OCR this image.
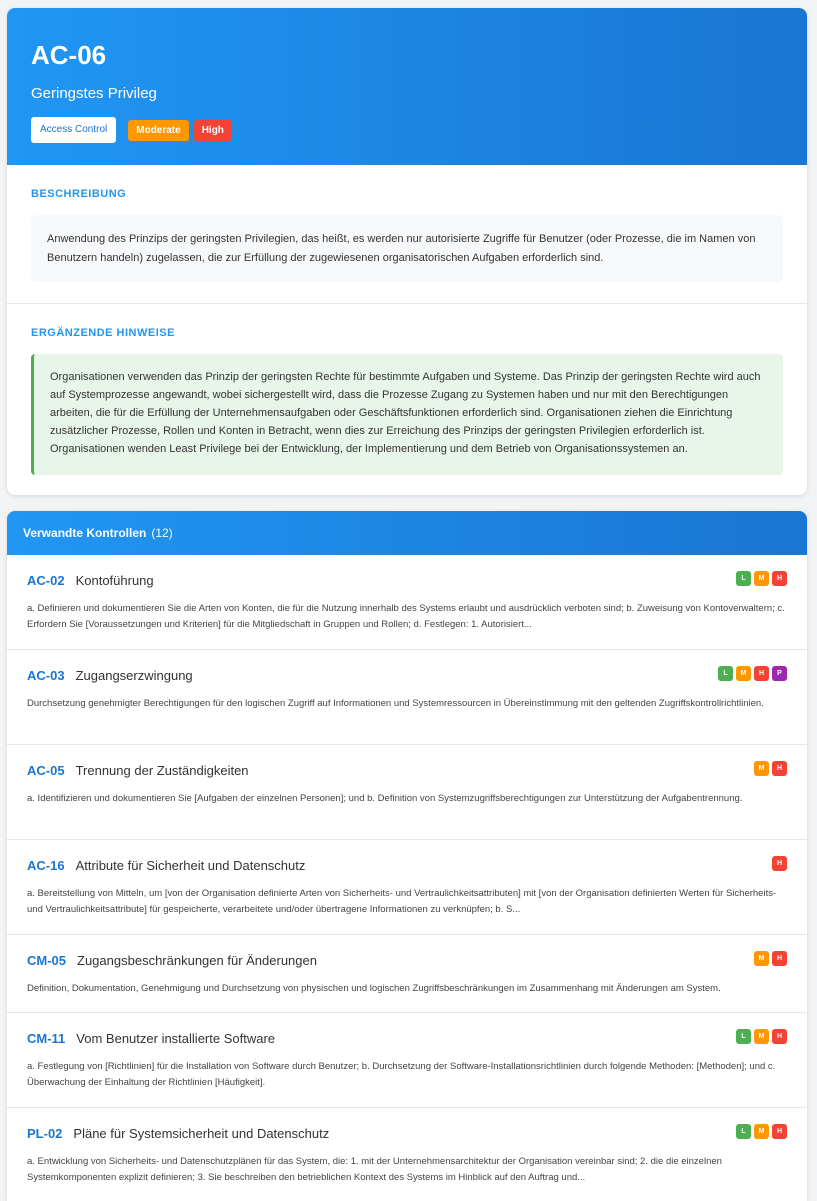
AC-06
Geringstes Privileg
Access Control	Moderate	High
BESCHREIBUNG
Anwendung des Prinzips der geringsten Privilegien, das heißt, es werden nur autorisierte Zugriffe für Benutzer (oder Prozesse, die im Namen von Benutzern handeln) zugelassen, die zur Erfüllung der zugewiesenen organisatorischen Aufgaben erforderlich sind.
ERGÄNZENDE HINWEISE
Organisationen verwenden das Prinzip der geringsten Rechte für bestimmte Aufgaben und Systeme. Das Prinzip der geringsten Rechte wird auch auf Systemprozesse angewandt, wobei sichergestellt wird, dass die Prozesse Zugang zu Systemen haben und nur mit den Berechtigungen arbeiten, die für die Erfüllung der Unternehmensaufgaben oder Geschäftsfunktionen erforderlich sind. Organisationen ziehen die Einrichtung zusätzlicher Prozesse, Rollen und Konten in Betracht, wenn dies zur Erreichung des Prinzips der geringsten Privilegien erforderlich ist. Organisationen wenden Least Privilege bei der Entwicklung, der Implementierung und dem Betrieb von Organisationssystemen an.
Verwandte Kontrollen (12)
AC-02 Kontoführung	L	M	H
a. Definieren und dokumentieren Sie die Arten von Konten, die für die Nutzung innerhalb des Systems erlaubt und ausdrücklich verboten sind; b. Zuweisung von Kontoverwaltern; c. Erfordern Sie [Voraussetzungen und Kriterien] für die Mitgliedschaft in Gruppen und Rollen; d. Festlegen: 1. Autorisiert...
AC-03 Zugangserzwingung	L	M	H	P
Durchsetzung genehmigter Berechtigungen für den logischen Zugriff auf Informationen und Systemressourcen in Übereinstimmung mit den geltenden Zugriffskontrollrichtlinien.
AC-05 Trennung der Zuständigkeiten	M	H
a. Identifizieren und dokumentieren Sie [Aufgaben der einzelnen Personen]; und b. Definition von Systemzugriffsberechtigungen zur Unterstützung der Aufgabentrennung.
AC-16 Attribute für Sicherheit und Datenschutz	H
a. Bereitstellung von Mitteln, um [von der Organisation definierte Arten von Sicherheits- und Vertraulichkeitsattributen] mit [von der Organisation definierten Werten für Sicherheits- und Vertraulichkeitsattribute] für gespeicherte, verarbeitete und/oder übertragene Informationen zu verknüpfen; b. S...
CM-05 Zugangsbeschränkungen für Änderungen	M	H
Definition, Dokumentation, Genehmigung und Durchsetzung von physischen und logischen Zugriffsbeschränkungen im Zusammenhang mit Änderungen am System.
CM-11 Vom Benutzer installierte Software	L	M	H
a. Festlegung von [Richtlinien] für die Installation von Software durch Benutzer; b. Durchsetzung der Software-Installationsrichtlinien durch folgende Methoden: [Methoden]; und c. Überwachung der Einhaltung der Richtlinien [Häufigkeit].
PL-02 Pläne für Systemsicherheit und Datenschutz	L	M	H
a. Entwicklung von Sicherheits- und Datenschutzplänen für das System, die: 1. mit der Unternehmensarchitektur der Organisation vereinbar sind; 2. die die einzelnen Systemkomponenten explizit definieren; 3. Sie beschreiben den betrieblichen Kontext des Systems im Hinblick auf den Auftrag und...
